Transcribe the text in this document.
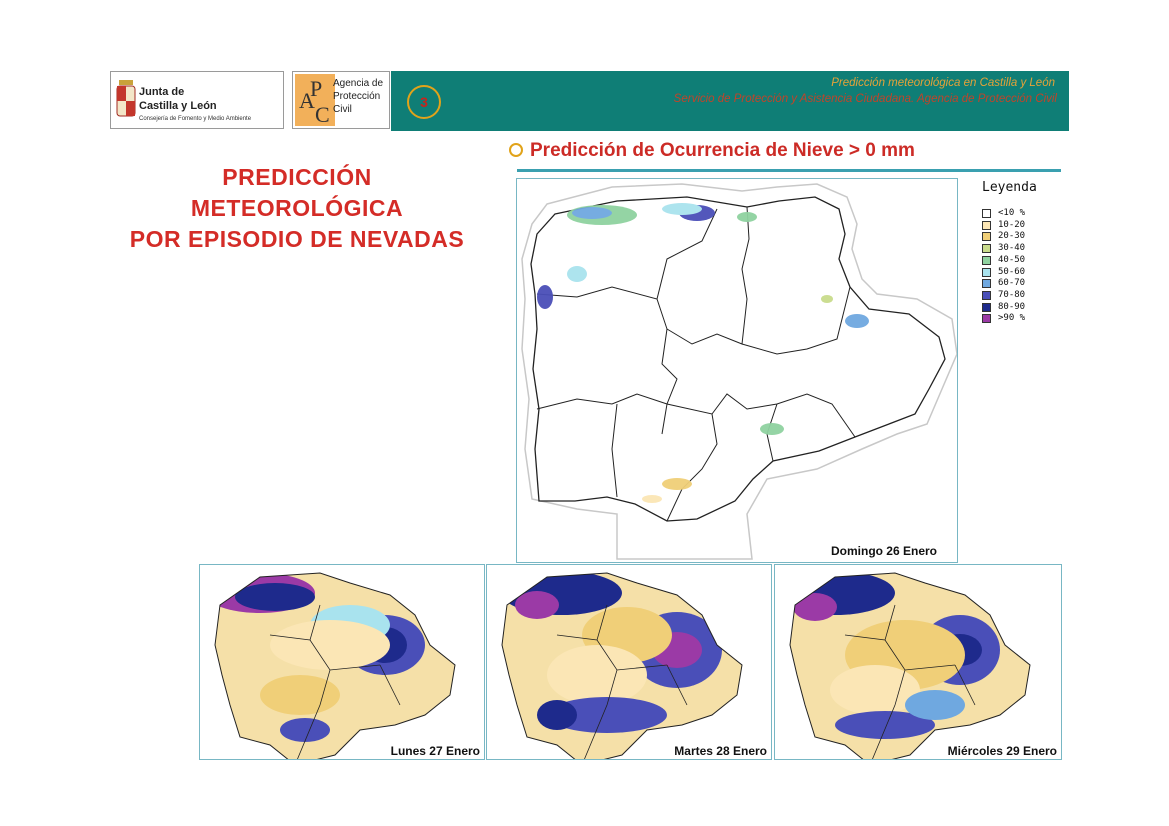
Junta de
Castilla y León
Consejería de Fomento y Medio Ambiente
A
P
C
Agencia de
Protección
Civil	3
Predicción meteorológica en Castilla y León
Servicio de Protección y Asistencia Ciudadana. Agencia de Protección Civil
PREDICCIÓN
METEOROLÓGICA
POR EPISODIO DE NEVADAS
Predicción de Ocurrencia de Nieve > 0 mm
Domingo 26 Enero
Leyenda
<10 %
10-20
20-30
30-40
40-50
50-60
60-70
70-80
80-90
>90 %
Lunes 27 Enero	Martes 28 Enero	Miércoles 29 Enero
